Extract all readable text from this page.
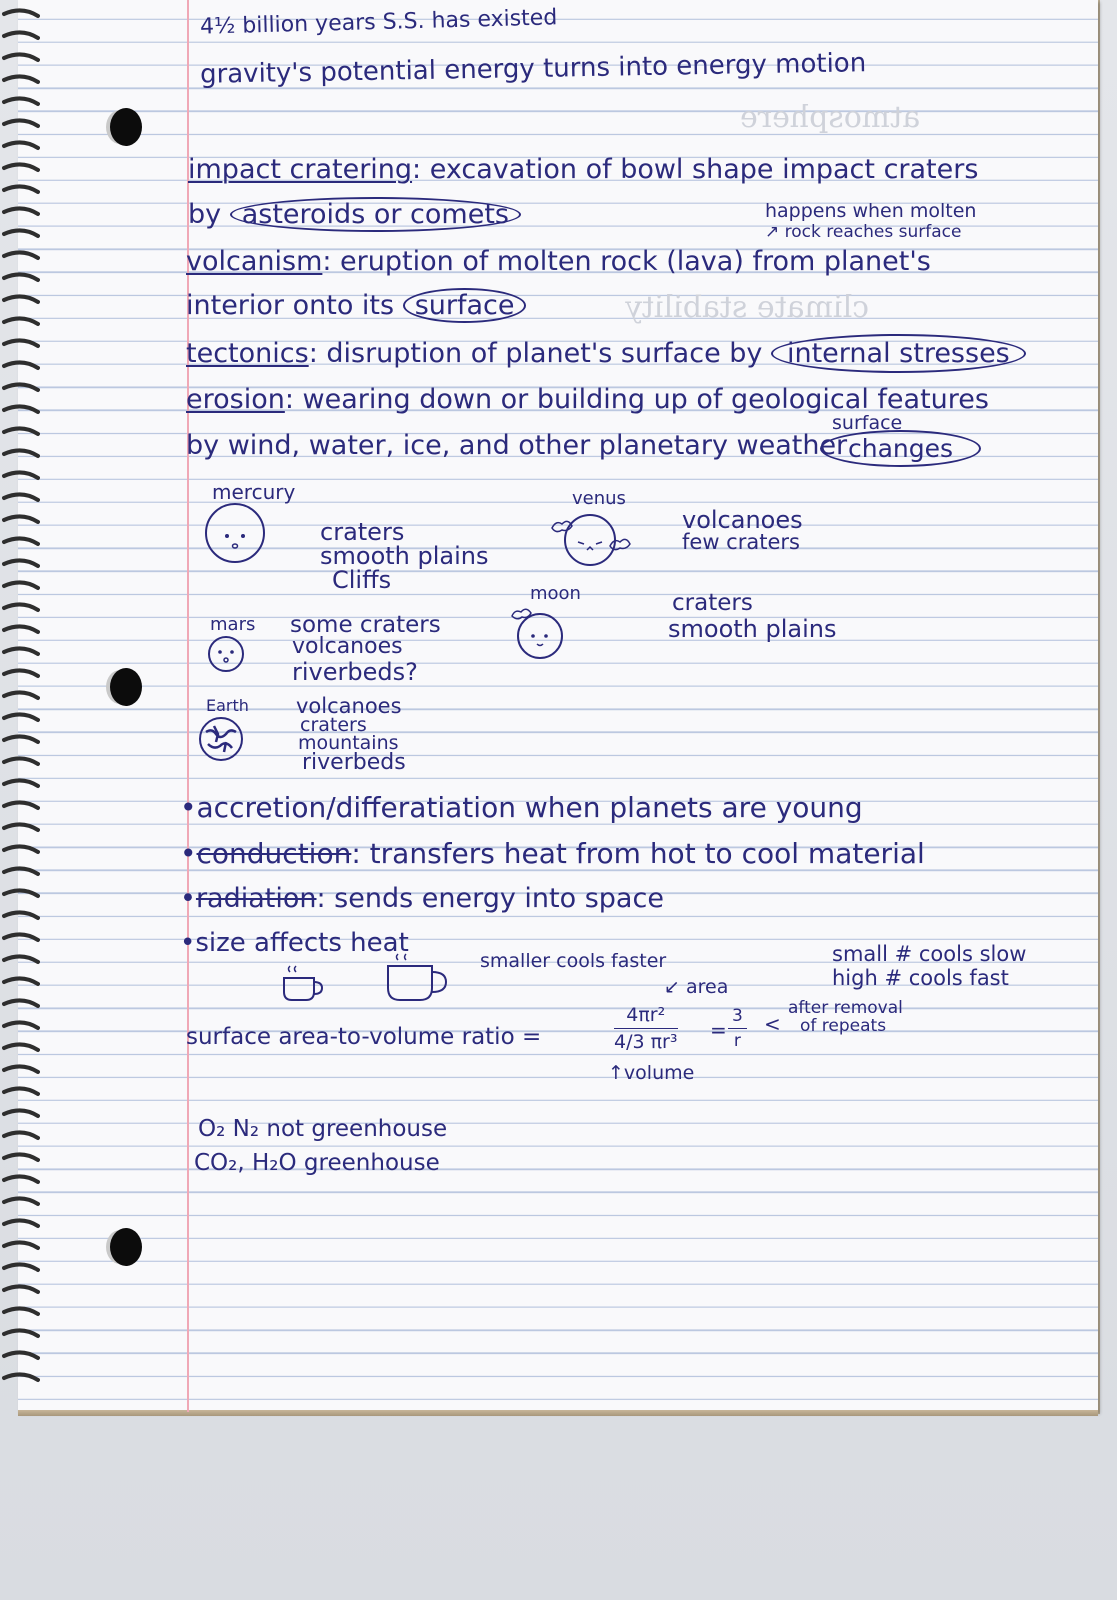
climate stability
atmosphere
4½ billion years S.S. has existed
gravity's potential energy turns into energy motion
impact cratering: excavation of bowl shape impact craters
by asteroids or comets	happens when molten
↗ rock reaches surface
volcanism: eruption of molten rock (lava) from planet's
interior onto its surface
tectonics: disruption of planet's surface by internal stresses
erosion: wearing down or building up of geological features
by wind, water, ice, and other planetary weather
surface
changes
mercury
craters
smooth plains
Cliffs
venus
volcanoes
few craters
mars some craters
volcanoes
riverbeds?
moon	craters
smooth plains
Earth volcanoes
craters
mountains
riverbeds
•accretion/differatiation when planets are young
•conduction: transfers heat from hot to cool material
•radiation: sends energy into space
•size affects heat
smaller cools faster	small # cools slow
high # cools fast
surface area-to-volume ratio =
↙ area
$\frac{\text{4πr²}}{\text{4/3 πr³}}$
↑volume
= $\frac{3}{r}$ <
after removal
of repeats
O₂ N₂ not greenhouse
CO₂, H₂O greenhouse
